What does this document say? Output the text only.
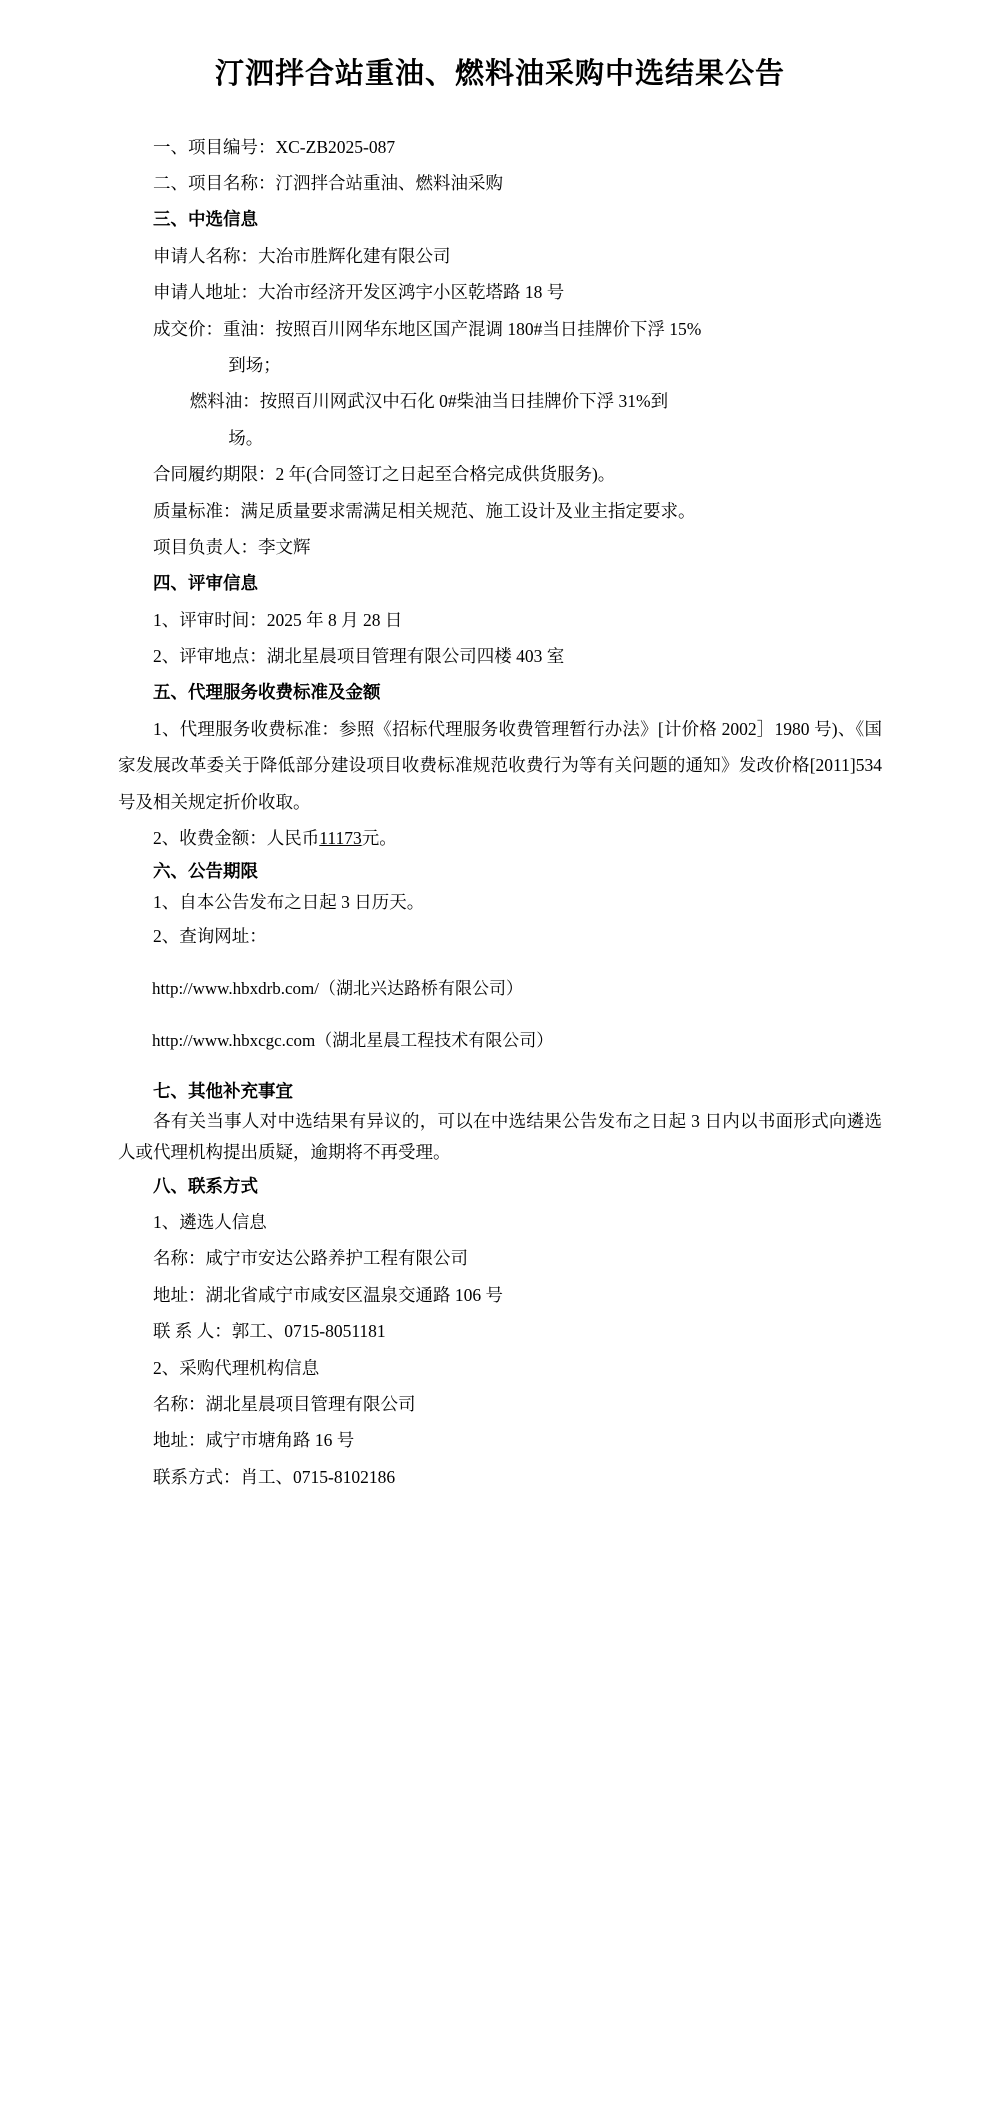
汀泗拌合站重油、燃料油采购中选结果公告

一、项目编号：XC-ZB2025-087

二、项目名称：汀泗拌合站重油、燃料油采购

三、中选信息

申请人名称：大冶市胜辉化建有限公司

申请人地址：大冶市经济开发区鸿宇小区乾塔路 18 号

成交价：重油：按照百川网华东地区国产混调 180#当日挂牌价下浮 15%

到场；

燃料油：按照百川网武汉中石化 0#柴油当日挂牌价下浮 31%到

场。

合同履约期限：2 年(合同签订之日起至合格完成供货服务)。

质量标准：满足质量要求需满足相关规范、施工设计及业主指定要求。

项目负责人：李文辉

四、评审信息

1、评审时间：2025 年 8 月 28 日

2、评审地点：湖北星晨项目管理有限公司四楼 403 室

五、代理服务收费标准及金额

1、代理服务收费标准：参照《招标代理服务收费管理暂行办法》[计价格 2002］1980 号)、《国家发展改革委关于降低部分建设项目收费标准规范收费行为等有关问题的通知》发改价格[2011]534 号及相关规定折价收取。

2、收费金额：人民币11173元。

六、公告期限

1、自本公告发布之日起 3 日历天。

2、查询网址：

http://www.hbxdrb.com/（湖北兴达路桥有限公司）

http://www.hbxcgc.com（湖北星晨工程技术有限公司）

七、其他补充事宜

各有关当事人对中选结果有异议的，可以在中选结果公告发布之日起 3 日内以书面形式向遴选人或代理机构提出质疑，逾期将不再受理。

八、联系方式

1、遴选人信息

名称：咸宁市安达公路养护工程有限公司

地址：湖北省咸宁市咸安区温泉交通路 106 号

联 系 人：郭工、0715-8051181

2、采购代理机构信息

名称：湖北星晨项目管理有限公司

地址：咸宁市塘角路 16 号

联系方式：肖工、0715-8102186
